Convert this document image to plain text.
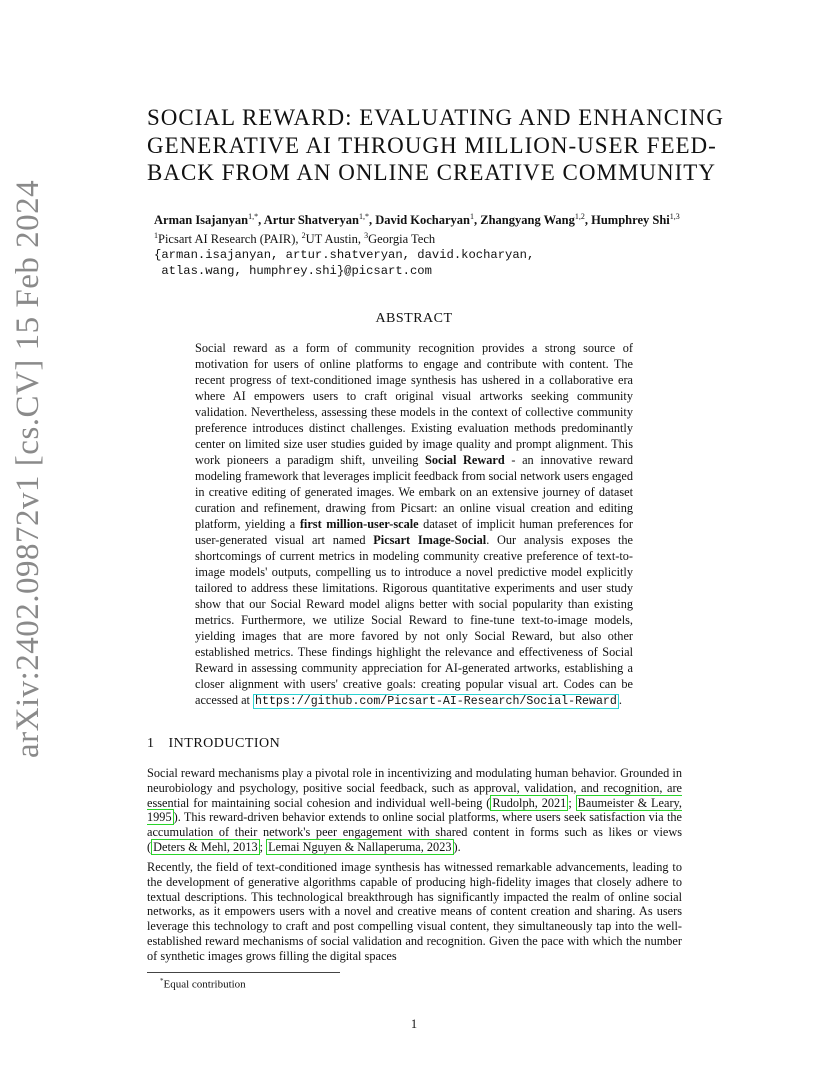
arXiv:2402.09872v1 [cs.CV] 15 Feb 2024
SOCIAL REWARD: EVALUATING AND ENHANCING
GENERATIVE AI THROUGH MILLION-USER FEED-
BACK FROM AN ONLINE CREATIVE COMMUNITY
Arman Isajanyan$^{1,*}$, Artur Shatveryan$^{1,*}$, David Kocharyan$^1$, Zhangyang Wang$^{1,2}$, Humphrey Shi$^{1,3}$
$^1$Picsart AI Research (PAIR), $^2$UT Austin, $^3$Georgia Tech
{arman.isajanyan, artur.shatveryan, david.kocharyan,
atlas.wang, humphrey.shi}@picsart.com
ABSTRACT

Social reward as a form of community recognition provides a strong source of motivation for users of online platforms to engage and contribute with content. The recent progress of text-conditioned image synthesis has ushered in a collaborative era where AI empowers users to craft original visual artworks seeking community validation. Nevertheless, assessing these models in the context of collective community preference introduces distinct challenges. Existing evaluation methods predominantly center on limited size user studies guided by image quality and prompt alignment. This work pioneers a paradigm shift, unveiling Social Reward - an innovative reward modeling framework that leverages implicit feedback from social network users engaged in creative editing of generated images. We embark on an extensive journey of dataset curation and refinement, drawing from Picsart: an online visual creation and editing platform, yielding a first million-user-scale dataset of implicit human preferences for user-generated visual art named Picsart Image-Social. Our analysis exposes the shortcomings of current metrics in modeling community creative preference of text-to-image models' outputs, compelling us to introduce a novel predictive model explicitly tailored to address these limitations. Rigorous quantitative experiments and user study show that our Social Reward model aligns better with social popularity than existing metrics. Furthermore, we utilize Social Reward to fine-tune text-to-image models, yielding images that are more favored by not only Social Reward, but also other established metrics. These findings highlight the relevance and effectiveness of Social Reward in assessing community appreciation for AI-generated artworks, establishing a closer alignment with users' creative goals: creating popular visual art. Codes can be accessed at https://github.com/Picsart-AI-Research/Social-Reward .

1 INTRODUCTION

Social reward mechanisms play a pivotal role in incentivizing and modulating human behavior. Grounded in neurobiology and psychology, positive social feedback, such as approval, validation, and recognition, are essential for maintaining social cohesion and individual well-being ( Rudolph, 2021 ; Baumeister & Leary, 1995 ). This reward-driven behavior extends to online social platforms, where users seek satisfaction via the accumulation of their network's peer engagement with shared content in forms such as likes or views ( Deters & Mehl, 2013 ; Lemai Nguyen & Nallaperuma, 2023 ).

Recently, the field of text-conditioned image synthesis has witnessed remarkable advancements, leading to the development of generative algorithms capable of producing high-fidelity images that closely adhere to textual descriptions. This technological breakthrough has significantly impacted the realm of online social networks, as it empowers users with a novel and creative means of content creation and sharing. As users leverage this technology to craft and post compelling visual content, they simultaneously tap into the well-established reward mechanisms of social validation and recognition. Given the pace with which the number of synthetic images grows filling the digital spaces

*Equal contribution
1
